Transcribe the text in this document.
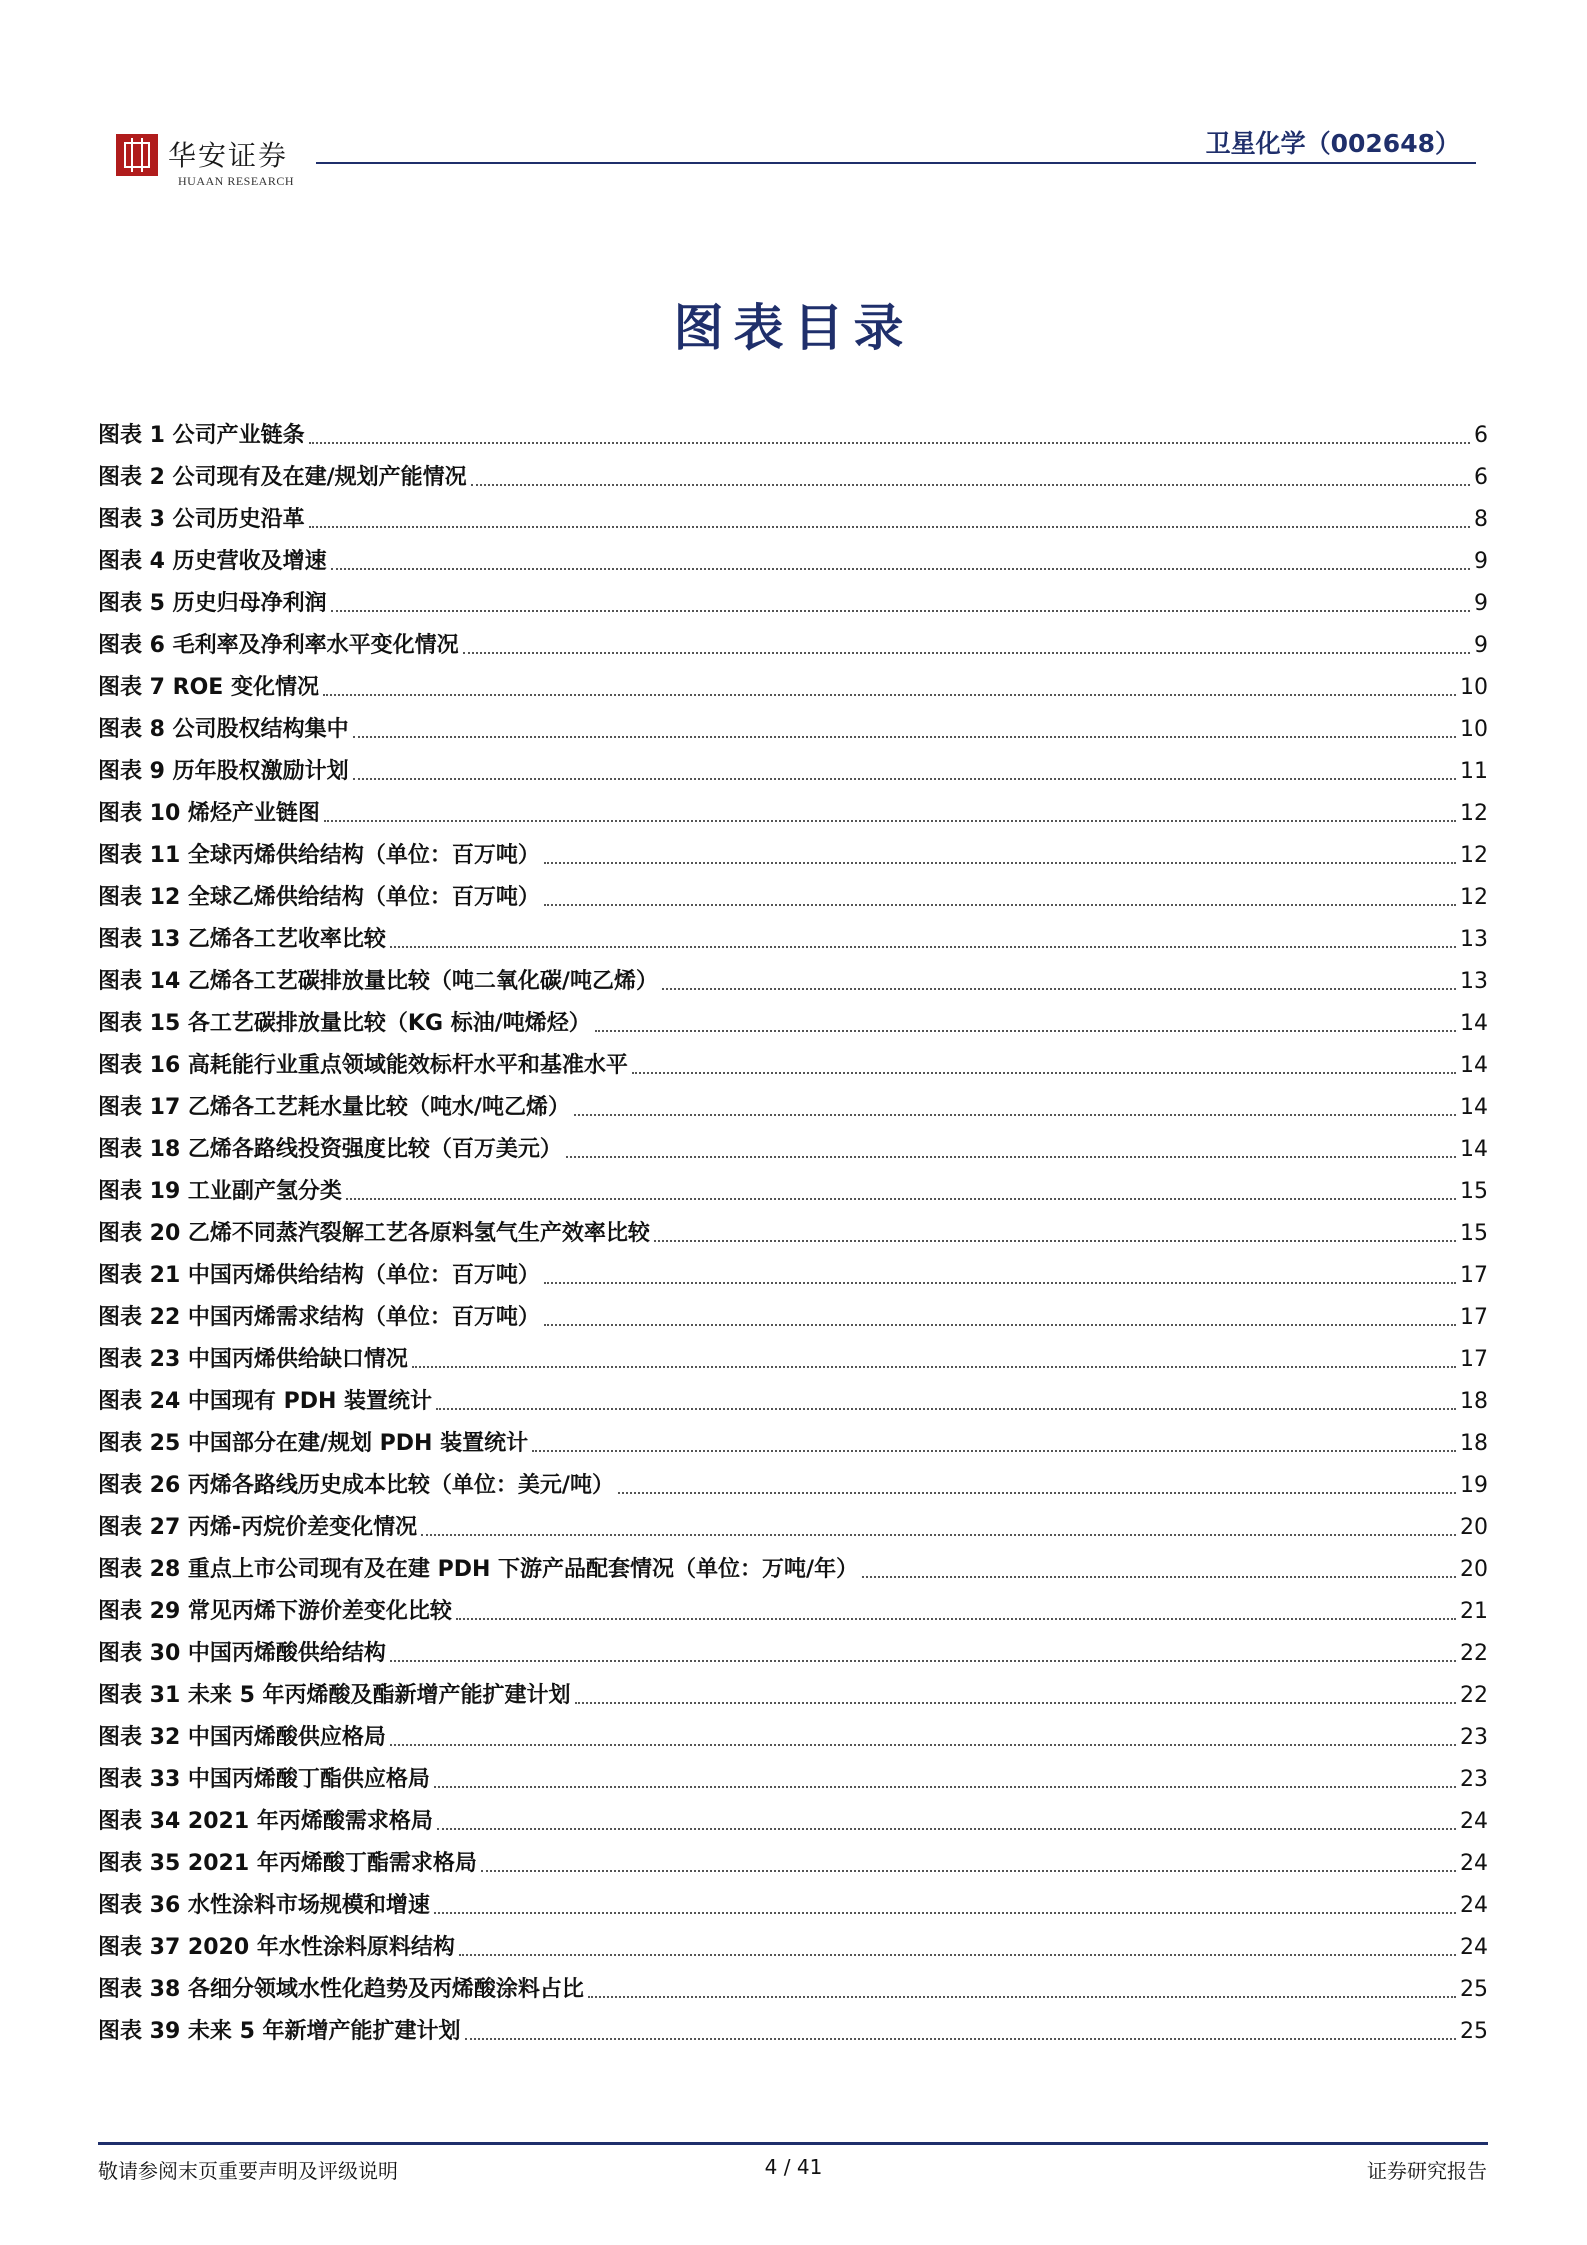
华安证券
HUAAN RESEARCH
卫星化学（002648）
图表目录
图表 1 公司产业链条	6
图表 2 公司现有及在建/规划产能情况	6
图表 3 公司历史沿革	8
图表 4 历史营收及增速	9
图表 5 历史归母净利润	9
图表 6 毛利率及净利率水平变化情况	9
图表 7 ROE 变化情况	10
图表 8 公司股权结构集中	10
图表 9 历年股权激励计划	11
图表 10 烯烃产业链图	12
图表 11 全球丙烯供给结构（单位：百万吨）	12
图表 12 全球乙烯供给结构（单位：百万吨）	12
图表 13 乙烯各工艺收率比较	13
图表 14 乙烯各工艺碳排放量比较（吨二氧化碳/吨乙烯）	13
图表 15 各工艺碳排放量比较（KG 标油/吨烯烃）	14
图表 16 高耗能行业重点领域能效标杆水平和基准水平	14
图表 17 乙烯各工艺耗水量比较（吨水/吨乙烯）	14
图表 18 乙烯各路线投资强度比较（百万美元）	14
图表 19 工业副产氢分类	15
图表 20 乙烯不同蒸汽裂解工艺各原料氢气生产效率比较	15
图表 21 中国丙烯供给结构（单位：百万吨）	17
图表 22 中国丙烯需求结构（单位：百万吨）	17
图表 23 中国丙烯供给缺口情况	17
图表 24 中国现有 PDH 装置统计	18
图表 25 中国部分在建/规划 PDH 装置统计	18
图表 26 丙烯各路线历史成本比较（单位：美元/吨）	19
图表 27 丙烯-丙烷价差变化情况	20
图表 28 重点上市公司现有及在建 PDH 下游产品配套情况（单位：万吨/年）	20
图表 29 常见丙烯下游价差变化比较	21
图表 30 中国丙烯酸供给结构	22
图表 31 未来 5 年丙烯酸及酯新增产能扩建计划	22
图表 32 中国丙烯酸供应格局	23
图表 33 中国丙烯酸丁酯供应格局	23
图表 34 2021 年丙烯酸需求格局	24
图表 35 2021 年丙烯酸丁酯需求格局	24
图表 36 水性涂料市场规模和增速	24
图表 37 2020 年水性涂料原料结构	24
图表 38 各细分领域水性化趋势及丙烯酸涂料占比	25
图表 39 未来 5 年新增产能扩建计划	25
敬请参阅末页重要声明及评级说明	4 / 41	证券研究报告
